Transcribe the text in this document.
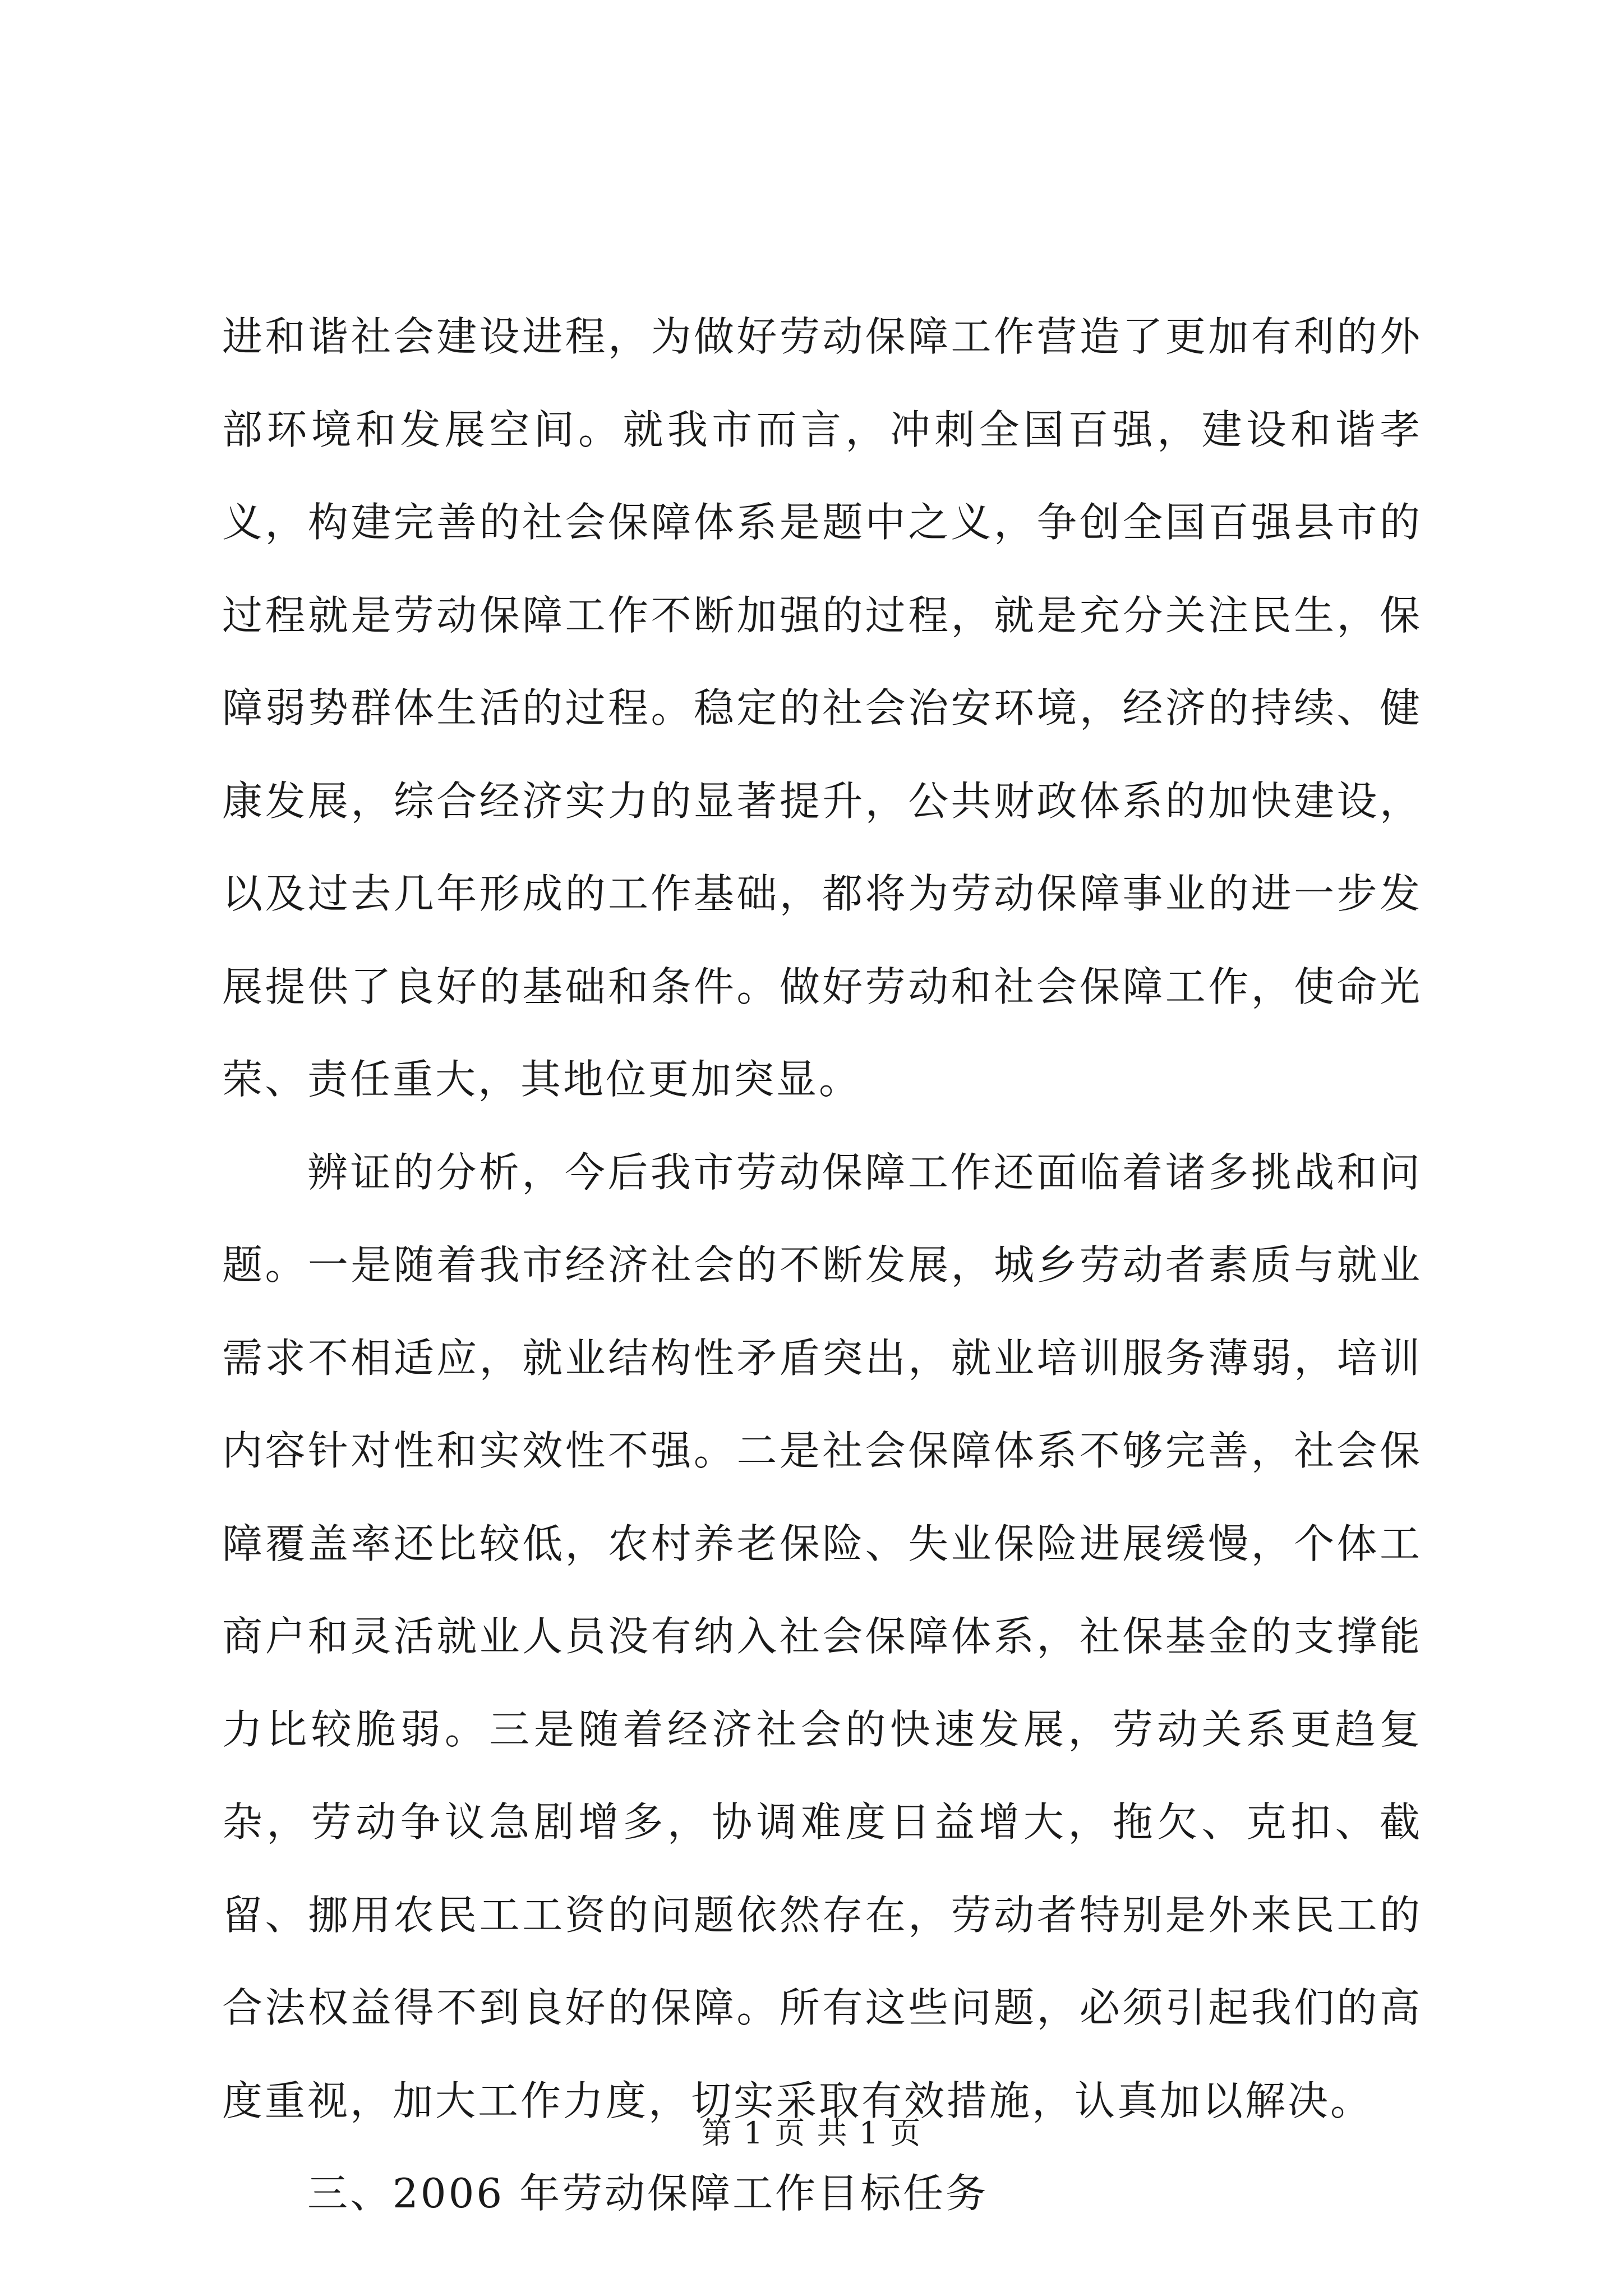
进和谐社会建设进程，为做好劳动保障工作营造了更加有利的外部环境和发展空间。就我市而言，冲刺全国百强，建设和谐孝义，构建完善的社会保障体系是题中之义，争创全国百强县市的过程就是劳动保障工作不断加强的过程，就是充分关注民生，保障弱势群体生活的过程。稳定的社会治安环境，经济的持续、健康发展，综合经济实力的显著提升，公共财政体系的加快建设，以及过去几年形成的工作基础，都将为劳动保障事业的进一步发展提供了良好的基础和条件。做好劳动和社会保障工作，使命光荣、责任重大，其地位更加突显。

辨证的分析，今后我市劳动保障工作还面临着诸多挑战和问题。一是随着我市经济社会的不断发展，城乡劳动者素质与就业需求不相适应，就业结构性矛盾突出，就业培训服务薄弱，培训内容针对性和实效性不强。二是社会保障体系不够完善，社会保障覆盖率还比较低，农村养老保险、失业保险进展缓慢，个体工商户和灵活就业人员没有纳入社会保障体系，社保基金的支撑能力比较脆弱。三是随着经济社会的快速发展，劳动关系更趋复杂，劳动争议急剧增多，协调难度日益增大，拖欠、克扣、截留、挪用农民工工资的问题依然存在，劳动者特别是外来民工的合法权益得不到良好的保障。所有这些问题，必须引起我们的高度重视，加大工作力度，切实采取有效措施，认真加以解决。

三、2006 年劳动保障工作目标任务

第 1 页 共 1 页
